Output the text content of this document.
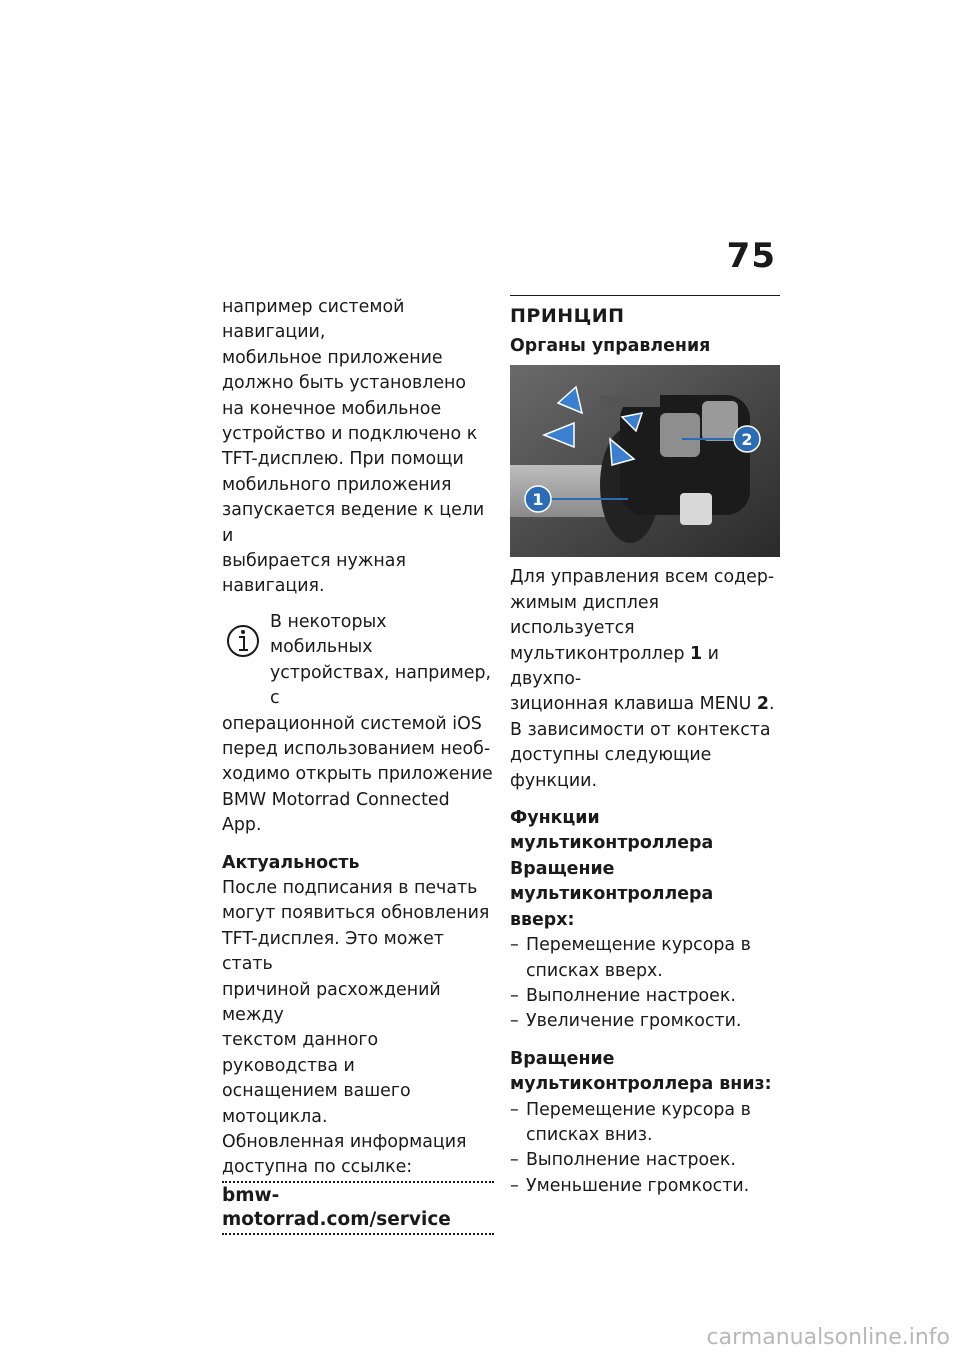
75

например системой навигации,
мобильное приложение
должно быть установлено
на конечное мобильное
устройство и подключено к
TFT-дисплею. При помощи
мобильного приложения
запускается ведение к цели и
выбирается нужная навигация.

В некоторых мобильных
устройствах, например, с

операционной системой iOS
перед использованием необ-
ходимо открыть приложение
BMW Motorrad Connected App.

Актуальность

После подписания в печать
могут появиться обновления
TFT-дисплея. Это может стать
причиной расхождений между
текстом данного руководства и
оснащением вашего мотоцикла.
Обновленная информация
доступна по ссылке:

bmw-motorrad.com/service
ПРИНЦИП
Органы управления
1
2

Для управления всем содер-
жимым дисплея используется
мультиконтроллер 1 и двухпо-
зиционная клавиша MENU 2.
В зависимости от контекста
доступны следующие функции.

Функции
мультиконтроллера
Вращение
мультиконтроллера вверх:
– Перемещение курсора в
списках вверх.
– Выполнение настроек.
– Увеличение громкости.
Вращение
мультиконтроллера вниз:
– Перемещение курсора в
списках вниз.
– Выполнение настроек.
– Уменьшение громкости.
carmanualsonline.info
